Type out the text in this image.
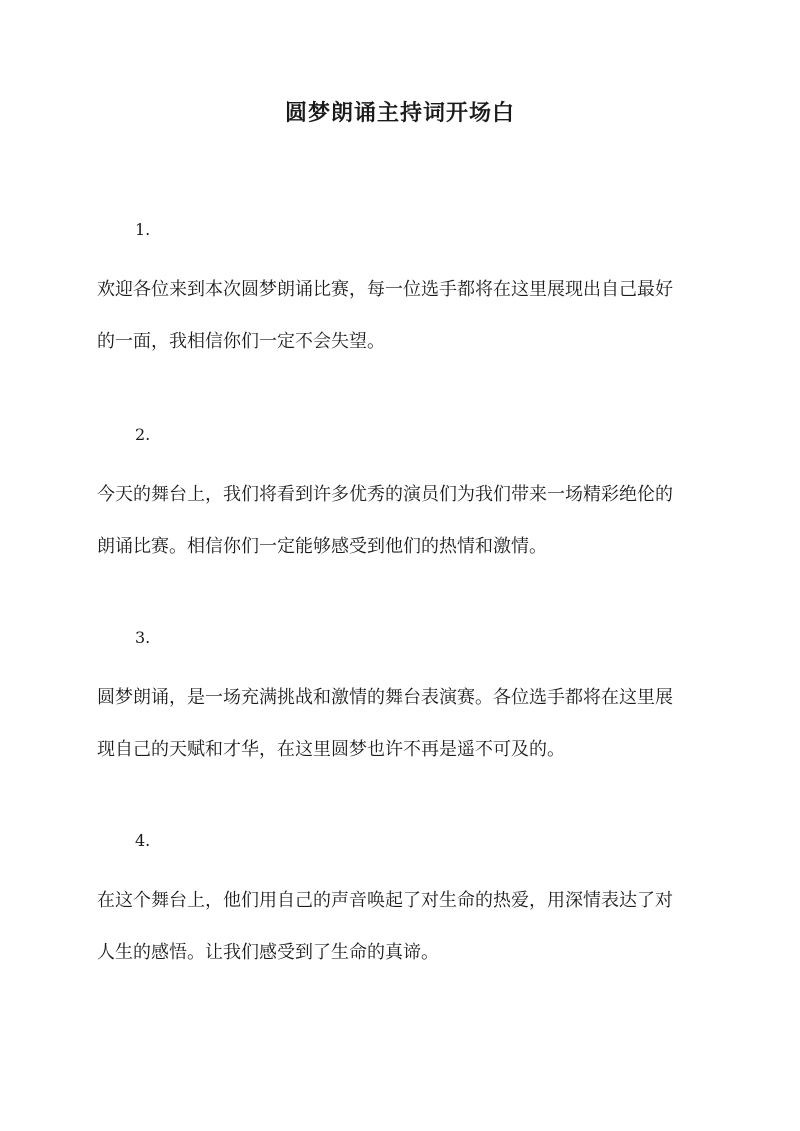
圆梦朗诵主持词开场白
1.

欢迎各位来到本次圆梦朗诵比赛，每一位选手都将在这里展现出自己最好
的一面，我相信你们一定不会失望。

2.

今天的舞台上，我们将看到许多优秀的演员们为我们带来一场精彩绝伦的
朗诵比赛。相信你们一定能够感受到他们的热情和激情。

3.

圆梦朗诵，是一场充满挑战和激情的舞台表演赛。各位选手都将在这里展
现自己的天赋和才华，在这里圆梦也许不再是遥不可及的。

4.

在这个舞台上，他们用自己的声音唤起了对生命的热爱，用深情表达了对
人生的感悟。让我们感受到了生命的真谛。
